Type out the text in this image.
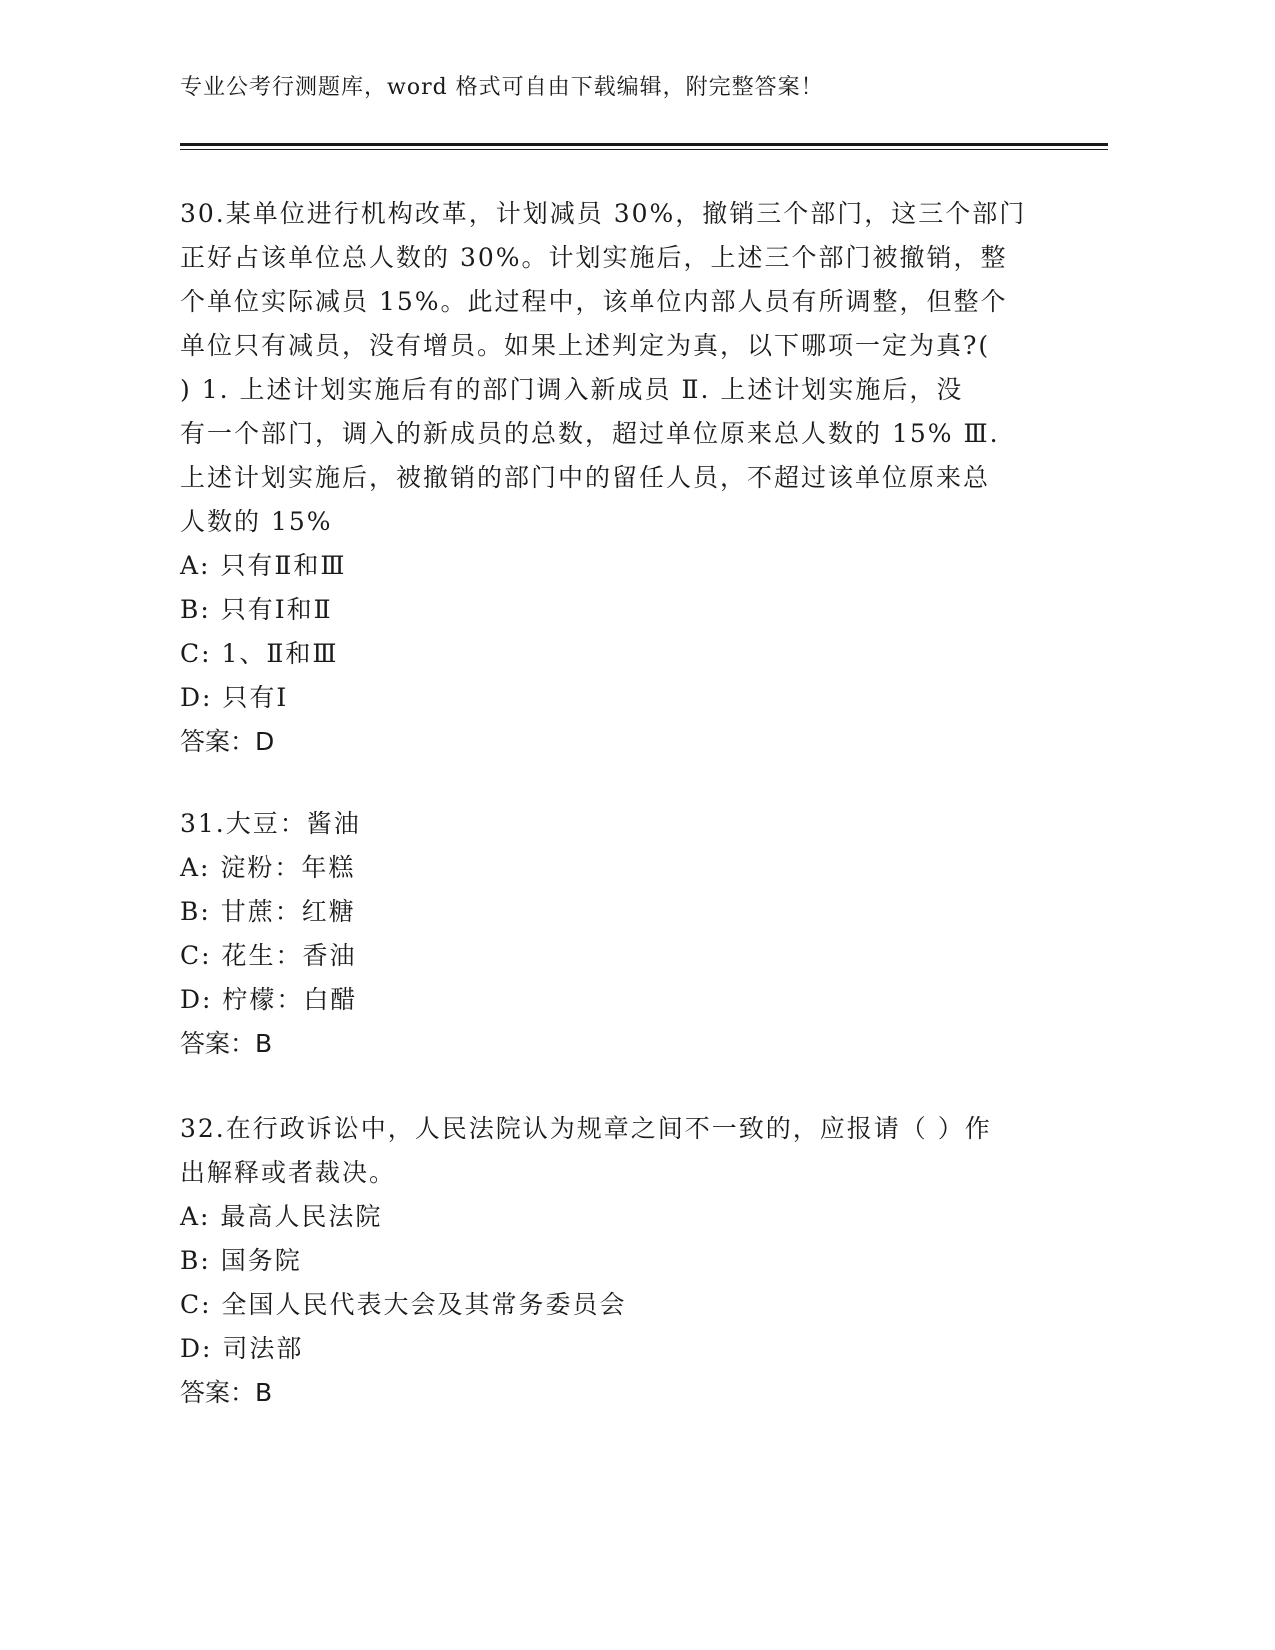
专业公考行测题库，word 格式可自由下载编辑，附完整答案！

30.某单位进行机构改革，计划减员 30%，撤销三个部门，这三个部门

正好占该单位总人数的 30%。计划实施后，上述三个部门被撤销，整

个单位实际减员 15%。此过程中，该单位内部人员有所调整，但整个

单位只有减员，没有增员。如果上述判定为真，以下哪项一定为真?(

) 1. 上述计划实施后有的部门调入新成员 Ⅱ. 上述计划实施后，没

有一个部门，调入的新成员的总数，超过单位原来总人数的 15% Ⅲ.

上述计划实施后，被撤销的部门中的留任人员，不超过该单位原来总

人数的 15%

A: 只有Ⅱ和Ⅲ

B: 只有Ⅰ和Ⅱ

C: 1、Ⅱ和Ⅲ

D: 只有Ⅰ

答案：D

31.大豆：酱油

A: 淀粉：年糕

B: 甘蔗：红糖

C: 花生：香油

D: 柠檬：白醋

答案：B

32.在行政诉讼中，人民法院认为规章之间不一致的，应报请（ ）作

出解释或者裁决。

A: 最高人民法院

B: 国务院

C: 全国人民代表大会及其常务委员会

D: 司法部

答案：B
